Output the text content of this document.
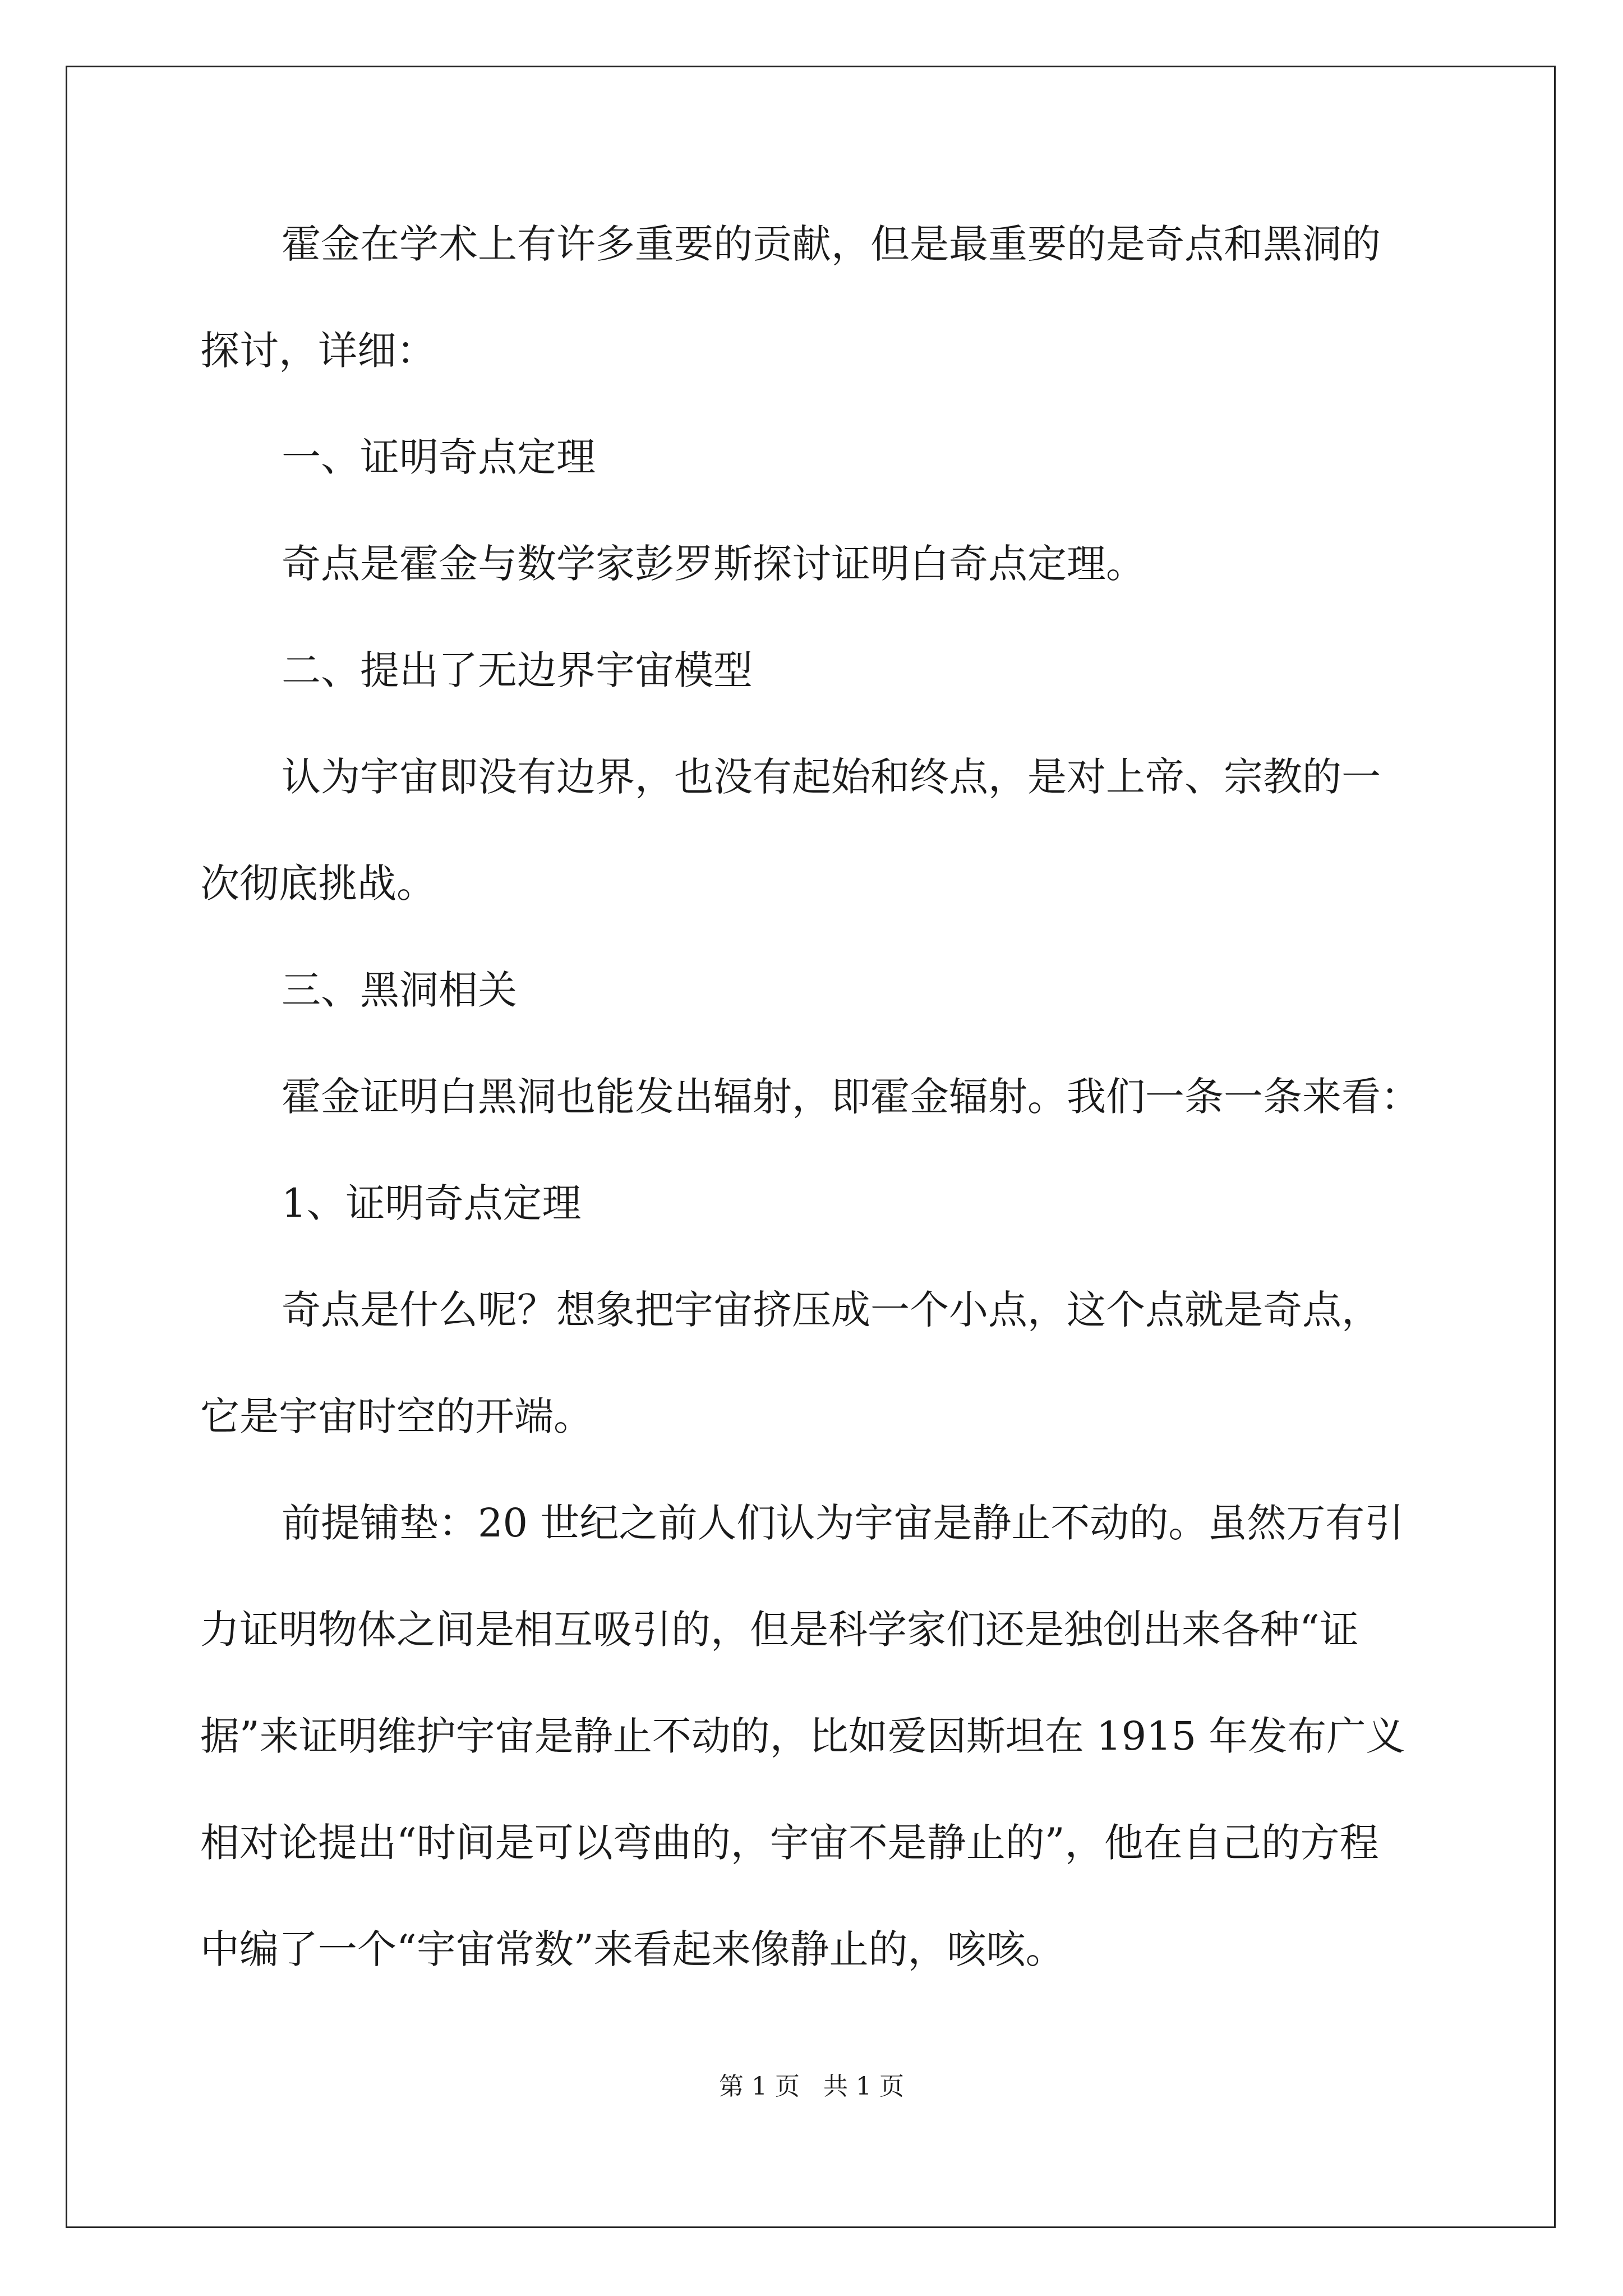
霍金在学术上有许多重要的贡献，但是最重要的是奇点和黑洞的
探讨，详细：
一、证明奇点定理
奇点是霍金与数学家彭罗斯探讨证明白奇点定理。
二、提出了无边界宇宙模型
认为宇宙即没有边界，也没有起始和终点，是对上帝、宗教的一
次彻底挑战。
三、黑洞相关
霍金证明白黑洞也能发出辐射，即霍金辐射。我们一条一条来看：
1、证明奇点定理
奇点是什么呢？想象把宇宙挤压成一个小点，这个点就是奇点，
它是宇宙时空的开端。
前提铺垫：20 世纪之前人们认为宇宙是静止不动的。虽然万有引
力证明物体之间是相互吸引的，但是科学家们还是独创出来各种“证
据”来证明维护宇宙是静止不动的，比如爱因斯坦在 1915 年发布广义
相对论提出“时间是可以弯曲的，宇宙不是静止的”，他在自己的方程
中编了一个“宇宙常数”来看起来像静止的，咳咳。
第 1 页   共 1 页
